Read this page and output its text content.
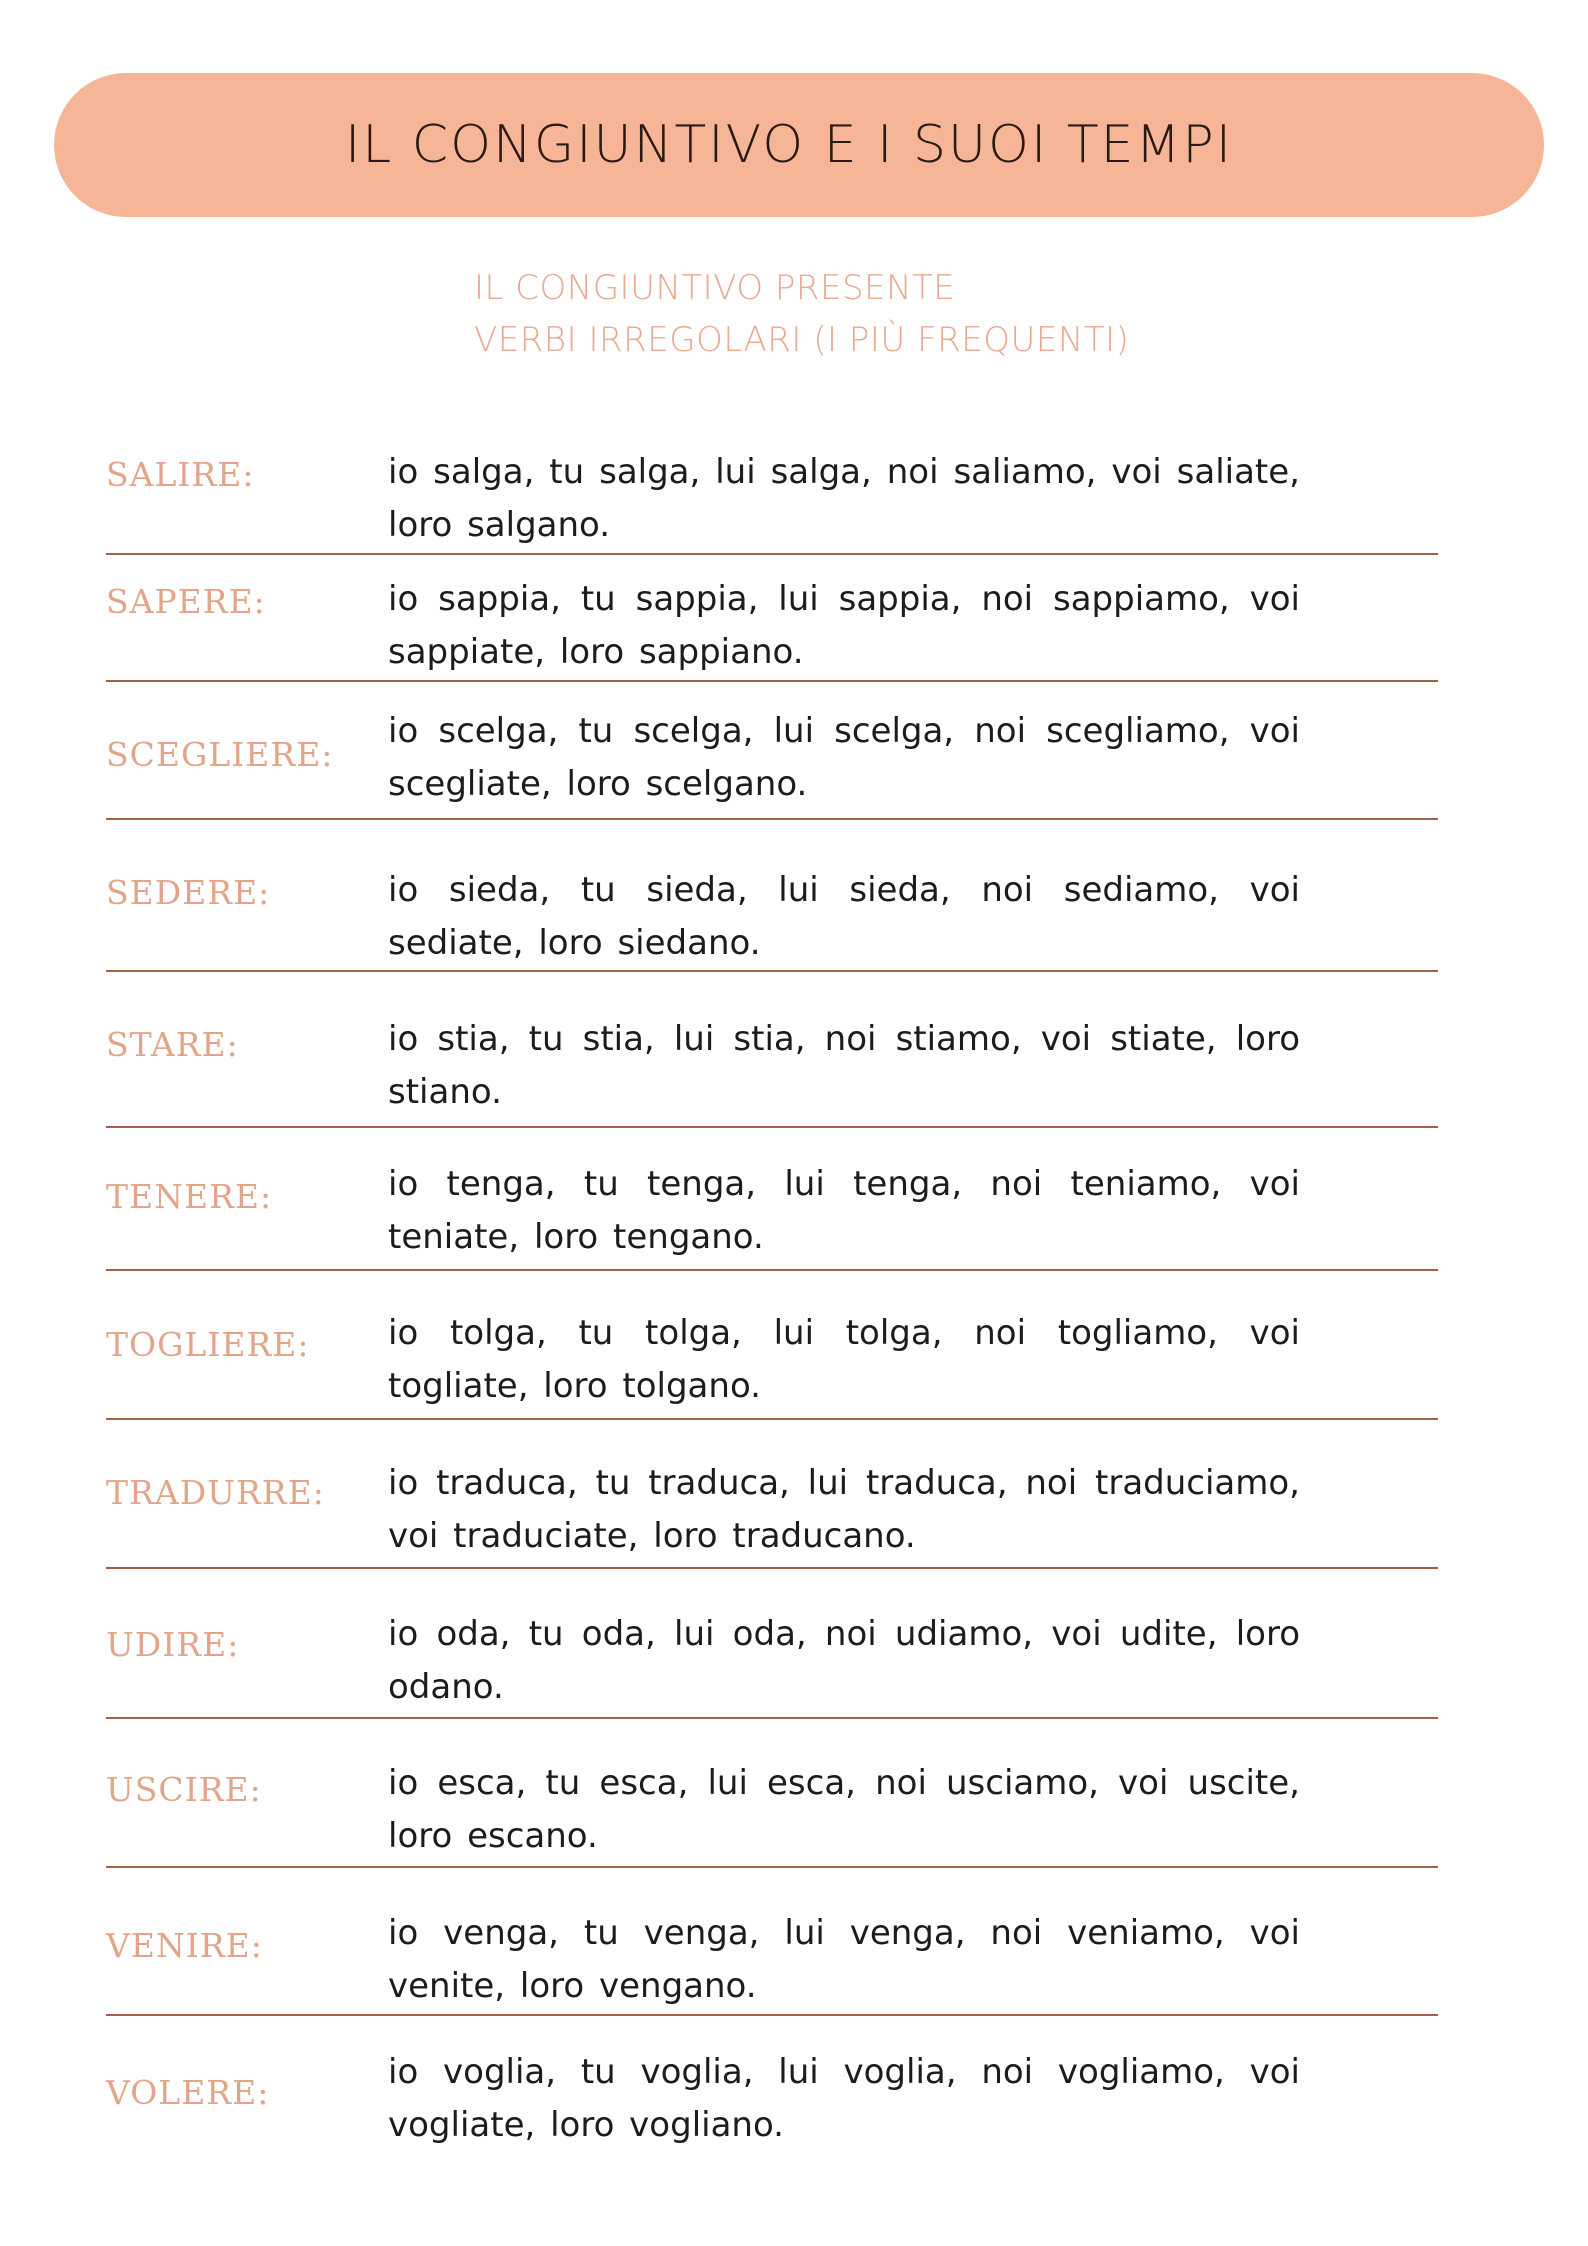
IL CONGIUNTIVO E I SUOI TEMPI
IL CONGIUNTIVO PRESENTE
VERBI IRREGOLARI (I PIÙ FREQUENTI)
SALIRE:	io salga, tu salga, lui salga, noi saliamo, voi saliate, loro salgano.
SAPERE:	io sappia, tu sappia, lui sappia, noi sappiamo, voi sappiate, loro sappiano.
SCEGLIERE:
io scelga, tu scelga, lui scelga, noi scegliamo, voi scegliate, loro scelgano.
SEDERE:	io sieda, tu sieda, lui sieda, noi sediamo, voi sediate, loro siedano.
STARE:	io stia, tu stia, lui stia, noi stiamo, voi stiate, loro stiano.
TENERE:	io tenga, tu tenga, lui tenga, noi teniamo, voi teniate, loro tengano.
TOGLIERE: io tolga, tu tolga, lui tolga, noi togliamo, voi togliate, loro tolgano.
TRADURRE: io traduca, tu traduca, lui traduca, noi traduciamo, voi traduciate, loro traducano.
UDIRE:	io oda, tu oda, lui oda, noi udiamo, voi udite, loro odano.
USCIRE:	io esca, tu esca, lui esca, noi usciamo, voi uscite, loro escano.
VENIRE:	io venga, tu venga, lui venga, noi veniamo, voi venite, loro vengano.
VOLERE:
io voglia, tu voglia, lui voglia, noi vogliamo, voi vogliate, loro vogliano.
